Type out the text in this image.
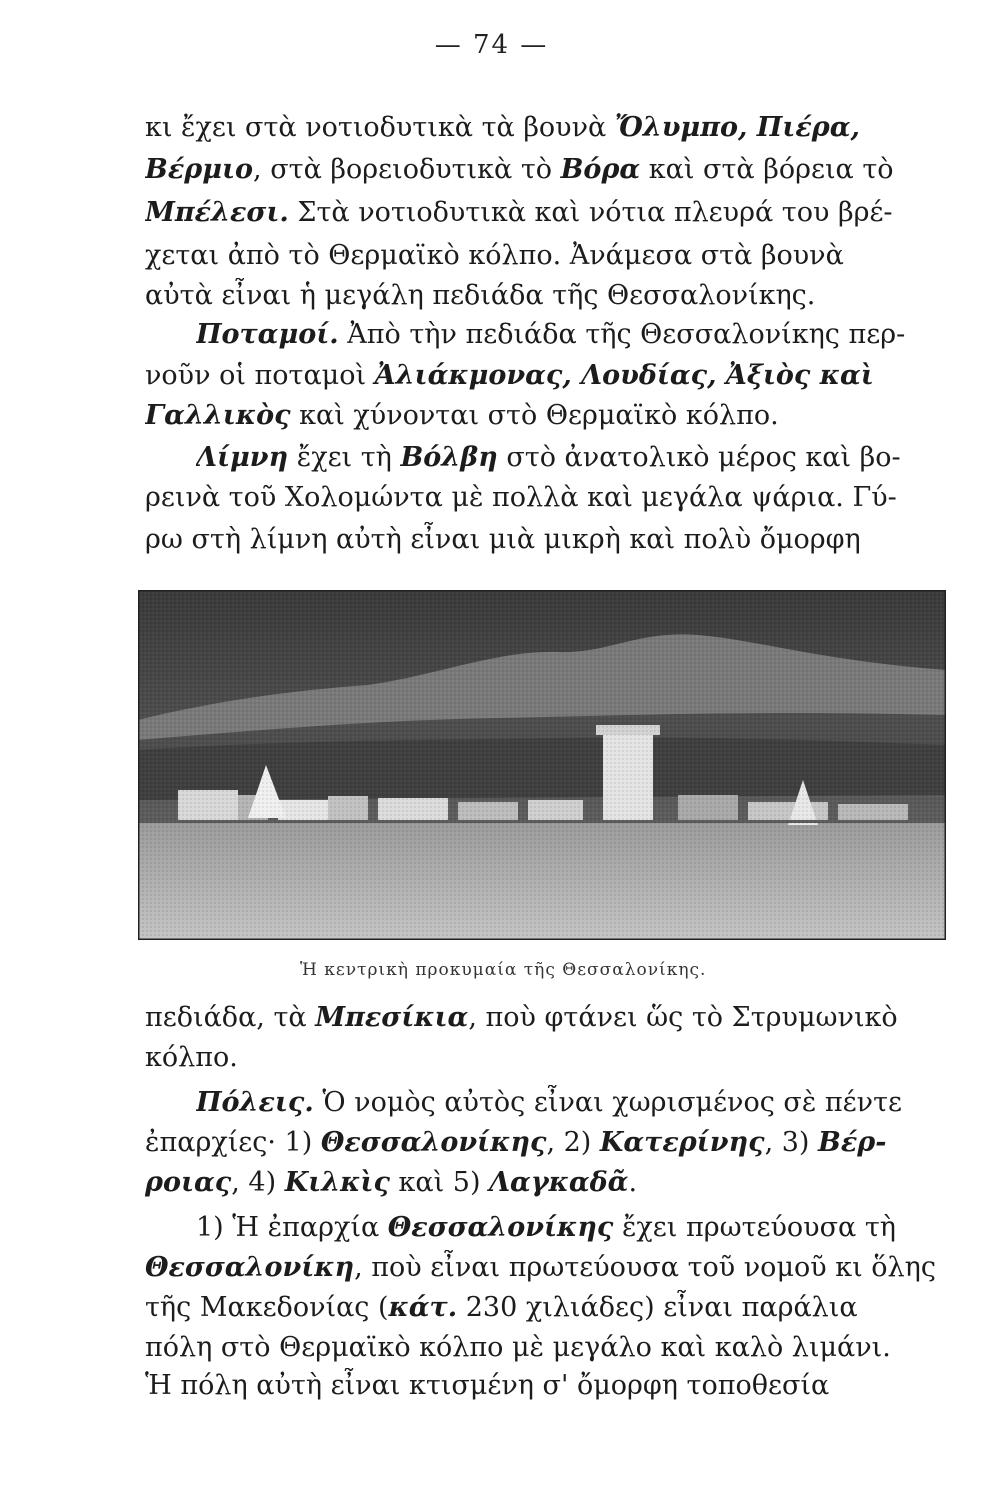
— 74 —
κι ἔχει στὰ νοτιοδυτικὰ τὰ βουνὰ Ὄλυμπο, Πιέρα,
Βέρμιο, στὰ βορειοδυτικὰ τὸ Βόρα καὶ στὰ βόρεια τὸ
Μπέλεσι. Στὰ νοτιοδυτικὰ καὶ νότια πλευρά του βρέ-
χεται ἀπὸ τὸ Θερμαϊκὸ κόλπο. Ἀνάμεσα στὰ βουνὰ
αὐτὰ εἶναι ἡ μεγάλη πεδιάδα τῆς Θεσσαλονίκης.
Ποταμοί. Ἀπὸ τὴν πεδιάδα τῆς Θεσσαλονίκης περ-
νοῦν οἱ ποταμοὶ Ἀλιάκμονας, Λουδίας, Ἀξιὸς καὶ
Γαλλικὸς καὶ χύνονται στὸ Θερμαϊκὸ κόλπο.
Λίμνη ἔχει τὴ Βόλβη στὸ ἀνατολικὸ μέρος καὶ βο-
ρεινὰ τοῦ Χολομώντα μὲ πολλὰ καὶ μεγάλα ψάρια. Γύ-
ρω στὴ λίμνη αὐτὴ εἶναι μιὰ μικρὴ καὶ πολὺ ὄμορφη
Ἡ κεντρικὴ προκυμαία τῆς Θεσσαλονίκης.
πεδιάδα, τὰ Μπεσίκια, ποὺ φτάνει ὥς τὸ Στρυμωνικὸ
κόλπο.
Πόλεις. Ὁ νομὸς αὐτὸς εἶναι χωρισμένος σὲ πέντε
ἐπαρχίες· 1) Θεσσαλονίκης, 2) Κατερίνης, 3) Βέρ-
ροιας, 4) Κιλκὶς καὶ 5) Λαγκαδᾶ.
1) Ἡ ἐπαρχία Θεσσαλονίκης ἔχει πρωτεύουσα τὴ
Θεσσαλονίκη, ποὺ εἶναι πρωτεύουσα τοῦ νομοῦ κι ὅλης
τῆς Μακεδονίας (κάτ. 230 χιλιάδες) εἶναι παράλια
πόλη στὸ Θερμαϊκὸ κόλπο μὲ μεγάλο καὶ καλὸ λιμάνι.
Ἡ πόλη αὐτὴ εἶναι κτισμένη σ' ὄμορφη τοποθεσία
